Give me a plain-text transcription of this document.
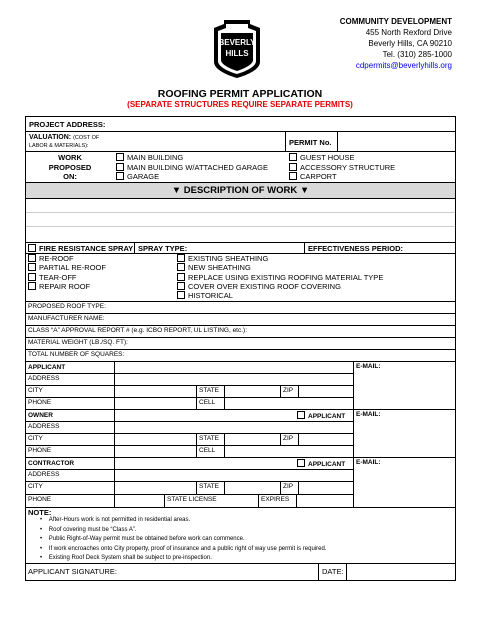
BEVERLY
HILLS
COMMUNITY DEVELOPMENT
455 North Rexford Drive
Beverly Hills, CA 90210
Tel. (310) 285-1000
cdpermits@beverlyhills.org
ROOFING PERMIT APPLICATION
(SEPARATE STRUCTURES REQUIRE SEPARATE PERMITS)
PROJECT ADDRESS:
VALUATION: (COST OF
LABOR & MATERIALS):	PERMIT No.
WORK
PROPOSED
ON:
MAIN BUILDING
MAIN BUILDING W/ATTACHED GARAGE
GARAGE
GUEST HOUSE
ACCESSORY STRUCTURE
CARPORT
▼ DESCRIPTION OF WORK ▼
FIRE RESISTANCE SPRAY SPRAY TYPE:	EFFECTIVENESS PERIOD:
RE-ROOF
PARTIAL RE-ROOF
TEAR-OFF
REPAIR ROOF
EXISTING SHEATHING
NEW SHEATHING
REPLACE USING EXISTING ROOFING MATERIAL TYPE
COVER OVER EXISTING ROOF COVERING
HISTORICAL
PROPOSED ROOF TYPE:
MANUFACTURER NAME:
CLASS “A” APPROVAL REPORT # (e.g. ICBO REPORT, UL LISTING, etc.):
MATERIAL WEIGHT (LB./SQ. FT):
TOTAL NUMBER OF SQUARES:
APPLICANT	E-MAIL:
ADDRESS
CITY	STATE	ZIP
PHONE	CELL
OWNER	APPLICANT E-MAIL:
ADDRESS
CITY	STATE	ZIP
PHONE	CELL
CONTRACTOR	APPLICANT E-MAIL:
ADDRESS
CITY	STATE	ZIP
PHONE	STATE LICENSE	EXPIRES
NOTE:
•    After-Hours work is not permitted in residential areas.
•    Roof covering must be “Class A”.
•    Public Right-of-Way permit must be obtained before work can commence.
•    If work encroaches onto City property, proof of insurance and a public right of way use permit is required.
•    Existing Roof Deck System shall be subject to pre-inspection.
APPLICANT SIGNATURE:	DATE:
